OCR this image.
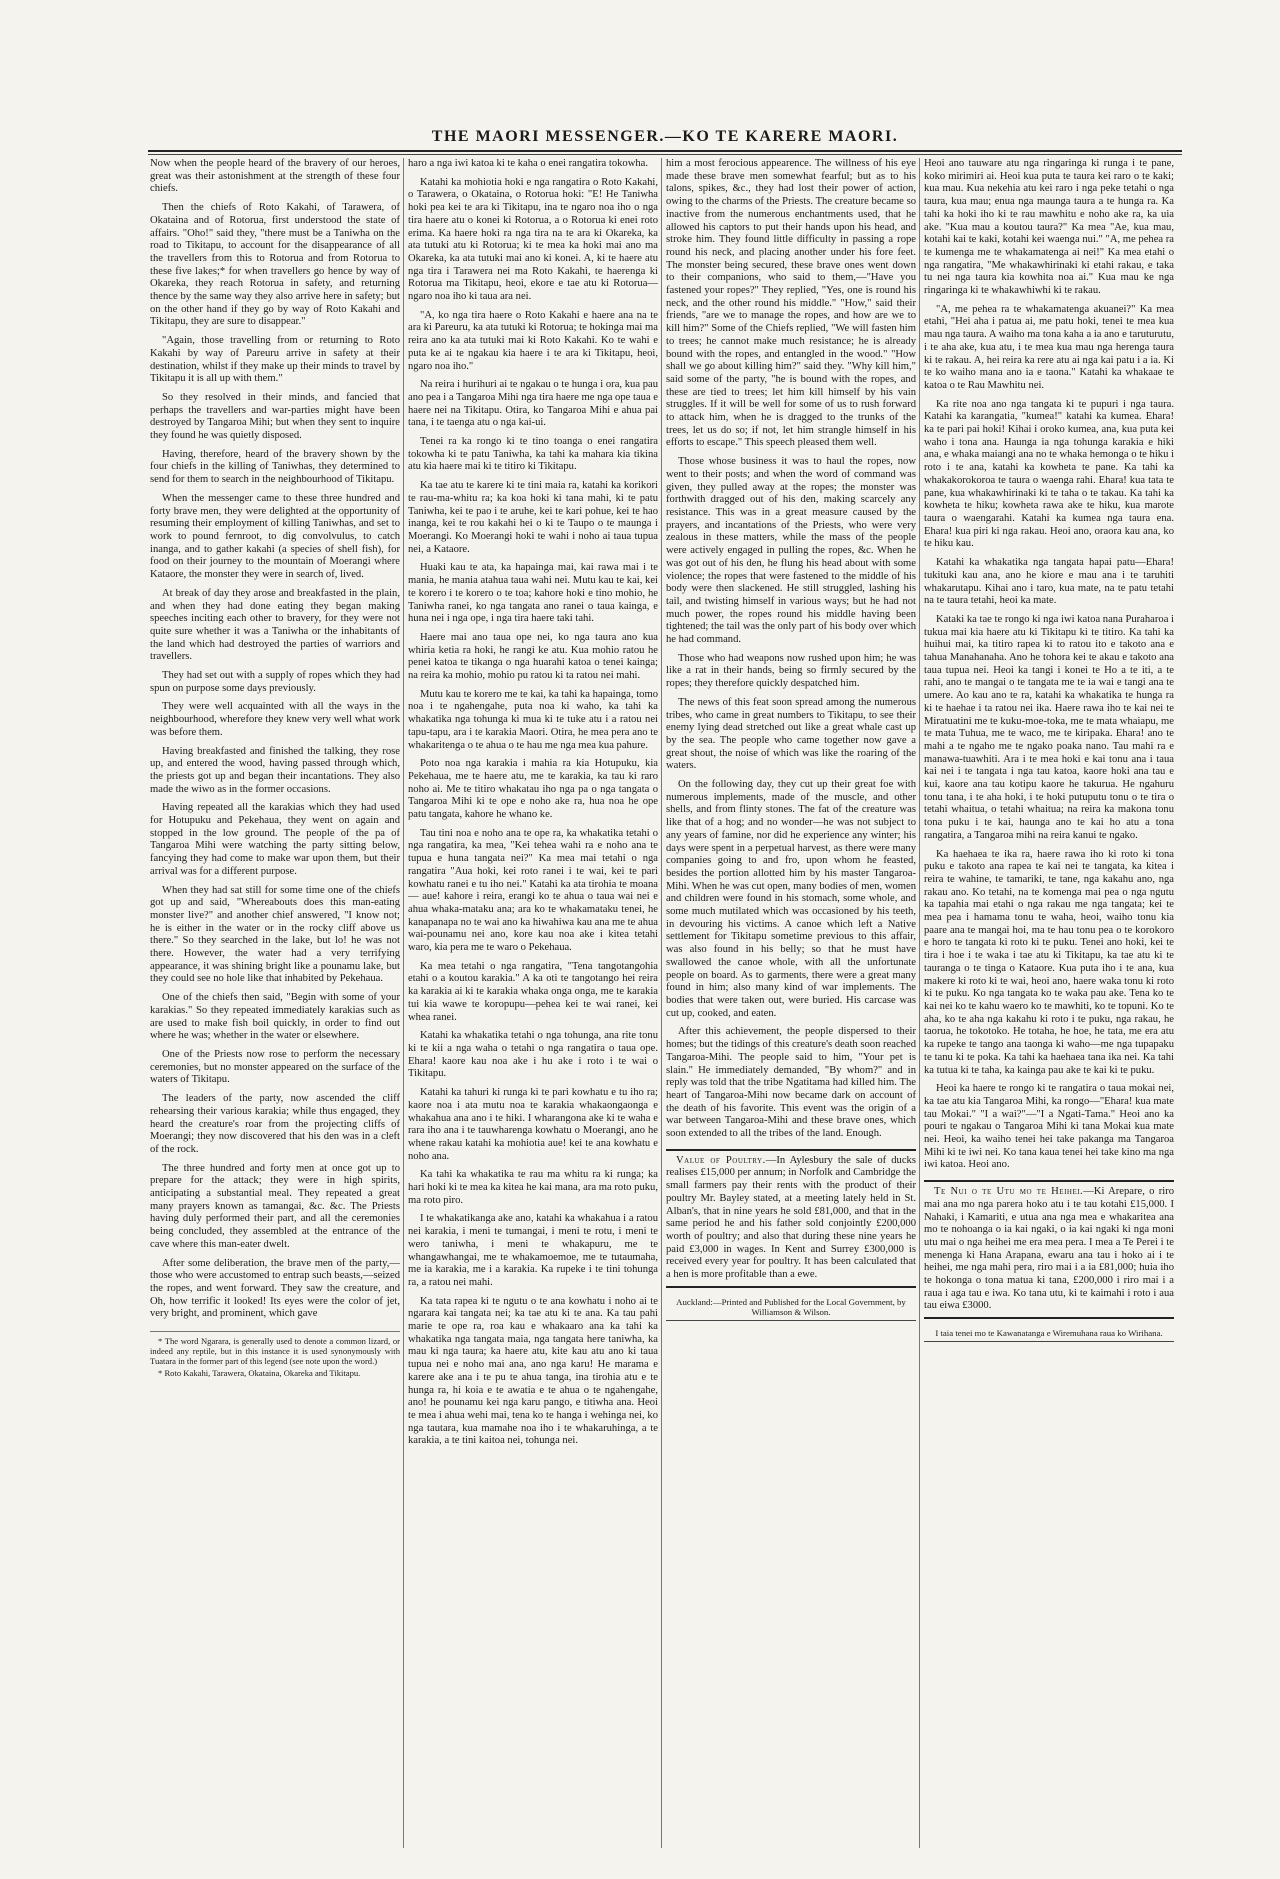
THE MAORI MESSENGER.—KO TE KARERE MAORI.

Now when the people heard of the bravery of our heroes, great was their astonishment at the strength of these four chiefs.

Then the chiefs of Roto Kakahi, of Tarawera, of Okataina and of Rotorua, first understood the state of affairs. "Oho!" said they, "there must be a Taniwha on the road to Tikitapu, to account for the disappearance of all the travellers from this to Rotorua and from Rotorua to these five lakes;* for when travellers go hence by way of Okareka, they reach Rotorua in safety, and returning thence by the same way they also arrive here in safety; but on the other hand if they go by way of Roto Kakahi and Tikitapu, they are sure to disappear."

"Again, those travelling from or returning to Roto Kakahi by way of Pareuru arrive in safety at their destination, whilst if they make up their minds to travel by Tikitapu it is all up with them."

So they resolved in their minds, and fancied that perhaps the travellers and war-parties might have been destroyed by Tangaroa Mihi; but when they sent to inquire they found he was quietly disposed.

Having, therefore, heard of the bravery shown by the four chiefs in the killing of Taniwhas, they determined to send for them to search in the neighbourhood of Tikitapu.

When the messenger came to these three hundred and forty brave men, they were delighted at the opportunity of resuming their employment of killing Taniwhas, and set to work to pound fernroot, to dig convolvulus, to catch inanga, and to gather kakahi (a species of shell fish), for food on their journey to the mountain of Moerangi where Kataore, the monster they were in search of, lived.

At break of day they arose and breakfasted in the plain, and when they had done eating they began making speeches inciting each other to bravery, for they were not quite sure whether it was a Taniwha or the inhabitants of the land which had destroyed the parties of warriors and travellers.

They had set out with a supply of ropes which they had spun on purpose some days previously.

They were well acquainted with all the ways in the neighbourhood, wherefore they knew very well what work was before them.

Having breakfasted and finished the talking, they rose up, and entered the wood, having passed through which, the priests got up and began their incantations. They also made the wiwo as in the former occasions.

Having repeated all the karakias which they had used for Hotupuku and Pekehaua, they went on again and stopped in the low ground. The people of the pa of Tangaroa Mihi were watching the party sitting below, fancying they had come to make war upon them, but their arrival was for a different purpose.

When they had sat still for some time one of the chiefs got up and said, "Whereabouts does this man-eating monster live?" and another chief answered, "I know not; he is either in the water or in the rocky cliff above us there." So they searched in the lake, but lo! he was not there. However, the water had a very terrifying appearance, it was shining bright like a pounamu lake, but they could see no hole like that inhabited by Pekehaua.

One of the chiefs then said, "Begin with some of your karakias." So they repeated immediately karakias such as are used to make fish boil quickly, in order to find out where he was; whether in the water or elsewhere.

One of the Priests now rose to perform the necessary ceremonies, but no monster appeared on the surface of the waters of Tikitapu.

The leaders of the party, now ascended the cliff rehearsing their various karakia; while thus engaged, they heard the creature's roar from the projecting cliffs of Moerangi; they now discovered that his den was in a cleft of the rock.

The three hundred and forty men at once got up to prepare for the attack; they were in high spirits, anticipating a substantial meal. They repeated a great many prayers known as tamangai, &c. &c. The Priests having duly performed their part, and all the ceremonies being concluded, they assembled at the entrance of the cave where this man-eater dwelt.

After some deliberation, the brave men of the party,—those who were accustomed to entrap such beasts,—seized the ropes, and went forward. They saw the creature, and Oh, how terrific it looked! Its eyes were the color of jet, very bright, and prominent, which gave

* The word Ngarara, is generally used to denote a common lizard, or indeed any reptile, but in this instance it is used synonymously with Tuatara in the former part of this legend (see note upon the word.)

* Roto Kakahi, Tarawera, Okataina, Okareka and Tikitapu.

haro a nga iwi katoa ki te kaha o enei rangatira tokowha.

Katahi ka mohiotia hoki e nga rangatira o Roto Kakahi, o Tarawera, o Okataina, o Rotorua hoki: "E! He Taniwha hoki pea kei te ara ki Tikitapu, ina te ngaro noa iho o nga tira haere atu o konei ki Rotorua, a o Rotorua ki enei roto erima. Ka haere hoki ra nga tira na te ara ki Okareka, ka ata tutuki atu ki Rotorua; ki te mea ka hoki mai ano ma Okareka, ka ata tutuki mai ano ki konei. A, ki te haere atu nga tira i Tarawera nei ma Roto Kakahi, te haerenga ki Rotorua ma Tikitapu, heoi, ekore e tae atu ki Rotorua—ngaro noa iho ki taua ara nei.

"A, ko nga tira haere o Roto Kakahi e haere ana na te ara ki Pareuru, ka ata tutuki ki Rotorua; te hokinga mai ma reira ano ka ata tutuki mai ki Roto Kakahi. Ko te wahi e puta ke ai te ngakau kia haere i te ara ki Tikitapu, heoi, ngaro noa iho."

Na reira i hurihuri ai te ngakau o te hunga i ora, kua pau ano pea i a Tangaroa Mihi nga tira haere me nga ope taua e haere nei na Tikitapu. Otira, ko Tangaroa Mihi e ahua pai tana, i te taenga atu o nga kai-ui.

Tenei ra ka rongo ki te tino toanga o enei rangatira tokowha ki te patu Taniwha, ka tahi ka mahara kia tikina atu kia haere mai ki te titiro ki Tikitapu.

Ka tae atu te karere ki te tini maia ra, katahi ka korikori te rau-ma-whitu ra; ka koa hoki ki tana mahi, ki te patu Taniwha, kei te pao i te aruhe, kei te kari pohue, kei te hao inanga, kei te rou kakahi hei o ki te Taupo o te maunga i Moerangi. Ko Moerangi hoki te wahi i noho ai taua tupua nei, a Kataore.

Huaki kau te ata, ka hapainga mai, kai rawa mai i te mania, he mania atahua taua wahi nei. Mutu kau te kai, kei te korero i te korero o te toa; kahore hoki e tino mohio, he Taniwha ranei, ko nga tangata ano ranei o taua kainga, e huna nei i nga ope, i nga tira haere taki tahi.

Haere mai ano taua ope nei, ko nga taura ano kua whiria ketia ra hoki, he rangi ke atu. Kua mohio ratou he penei katoa te tikanga o nga huarahi katoa o tenei kainga; na reira ka mohio, mohio pu ratou ki ta ratou nei mahi.

Mutu kau te korero me te kai, ka tahi ka hapainga, tomo noa i te ngahengahe, puta noa ki waho, ka tahi ka whakatika nga tohunga ki mua ki te tuke atu i a ratou nei tapu-tapu, ara i te karakia Maori. Otira, he mea pera ano te whakaritenga o te ahua o te hau me nga mea kua pahure.

Poto noa nga karakia i mahia ra kia Hotupuku, kia Pekehaua, me te haere atu, me te karakia, ka tau ki raro noho ai. Me te titiro whakatau iho nga pa o nga tangata o Tangaroa Mihi ki te ope e noho ake ra, hua noa he ope patu tangata, kahore he whano ke.

Tau tini noa e noho ana te ope ra, ka whakatika tetahi o nga rangatira, ka mea, "Kei tehea wahi ra e noho ana te tupua e huna tangata nei?" Ka mea mai tetahi o nga rangatira "Aua hoki, kei roto ranei i te wai, kei te pari kowhatu ranei e tu iho nei." Katahi ka ata tirohia te moana — aue! kahore i reira, erangi ko te ahua o taua wai nei e ahua whaka-mataku ana; ara ko te whakamataku tenei, he kanapanapa no te wai ano ka hiwahiwa kau ana me te ahua wai-pounamu nei ano, kore kau noa ake i kitea tetahi waro, kia pera me te waro o Pekehaua.

Ka mea tetahi o nga rangatira, "Tena tangotangohia etahi o a koutou karakia." A ka oti te tangotango hei reira ka karakia ai ki te karakia whaka onga onga, me te karakia tui kia wawe te koropupu—pehea kei te wai ranei, kei whea ranei.

Katahi ka whakatika tetahi o nga tohunga, ana rite tonu ki te kii a nga waha o tetahi o nga rangatira o taua ope. Ehara! kaore kau noa ake i hu ake i roto i te wai o Tikitapu.

Katahi ka tahuri ki runga ki te pari kowhatu e tu iho ra; kaore noa i ata mutu noa te karakia whakaongaonga e whakahua ana ano i te hiki. I wharangona ake ki te waha e rara iho ana i te tauwharenga kowhatu o Moerangi, ano he whene rakau katahi ka mohiotia aue! kei te ana kowhatu e noho ana.

Ka tahi ka whakatika te rau ma whitu ra ki runga; ka hari hoki ki te mea ka kitea he kai mana, ara ma roto puku, ma roto piro.

I te whakatikanga ake ano, katahi ka whakahua i a ratou nei karakia, i meni te tumangai, i meni te rotu, i meni te wero taniwha, i meni te whakapuru, me te whangawhangai, me te whakamoemoe, me te tutaumaha, me ia karakia, me i a karakia. Ka rupeke i te tini tohunga ra, a ratou nei mahi.

Ka tata rapea ki te ngutu o te ana kowhatu i noho ai te ngarara kai tangata nei; ka tae atu ki te ana. Ka tau pahi marie te ope ra, roa kau e whakaaro ana ka tahi ka whakatika nga tangata maia, nga tangata here taniwha, ka mau ki nga taura; ka haere atu, kite kau atu ano ki taua tupua nei e noho mai ana, ano nga karu! He marama e karere ake ana i te pu te ahua tanga, ina tirohia atu e te hunga ra, hi koia e te awatia e te ahua o te ngahengahe, ano! he pounamu kei nga karu pango, e titiwha ana. Heoi te mea i ahua wehi mai, tena ko te hanga i wehinga nei, ko nga tautara, kua mamahe noa iho i te whakaruhinga, a te karakia, a te tini kaitoa nei, tohunga nei.

him a most ferocious appearence. The willness of his eye made these brave men somewhat fearful; but as to his talons, spikes, &c., they had lost their power of action, owing to the charms of the Priests. The creature became so inactive from the numerous enchantments used, that he allowed his captors to put their hands upon his head, and stroke him. They found little difficulty in passing a rope round his neck, and placing another under his fore feet. The monster being secured, these brave ones went down to their companions, who said to them,—"Have you fastened your ropes?" They replied, "Yes, one is round his neck, and the other round his middle." "How," said their friends, "are we to manage the ropes, and how are we to kill him?" Some of the Chiefs replied, "We will fasten him to trees; he cannot make much resistance; he is already bound with the ropes, and entangled in the wood." "How shall we go about killing him?" said they. "Why kill him," said some of the party, "he is bound with the ropes, and these are tied to trees; let him kill himself by his vain struggles. If it will be well for some of us to rush forward to attack him, when he is dragged to the trunks of the trees, let us do so; if not, let him strangle himself in his efforts to escape." This speech pleased them well.

Those whose business it was to haul the ropes, now went to their posts; and when the word of command was given, they pulled away at the ropes; the monster was forthwith dragged out of his den, making scarcely any resistance. This was in a great measure caused by the prayers, and incantations of the Priests, who were very zealous in these matters, while the mass of the people were actively engaged in pulling the ropes, &c. When he was got out of his den, he flung his head about with some violence; the ropes that were fastened to the middle of his body were then slackened. He still struggled, lashing his tail, and twisting himself in various ways; but he had not much power, the ropes round his middle having been tightened; the tail was the only part of his body over which he had command.

Those who had weapons now rushed upon him; he was like a rat in their hands, being so firmly secured by the ropes; they therefore quickly despatched him.

The news of this feat soon spread among the numerous tribes, who came in great numbers to Tikitapu, to see their enemy lying dead stretched out like a great whale cast up by the sea. The people who came together now gave a great shout, the noise of which was like the roaring of the waters.

On the following day, they cut up their great foe with numerous implements, made of the muscle, and other shells, and from flinty stones. The fat of the creature was like that of a hog; and no wonder—he was not subject to any years of famine, nor did he experience any winter; his days were spent in a perpetual harvest, as there were many companies going to and fro, upon whom he feasted, besides the portion allotted him by his master Tangaroa-Mihi. When he was cut open, many bodies of men, women and children were found in his stomach, some whole, and some much mutilated which was occasioned by his teeth, in devouring his victims. A canoe which left a Native settlement for Tikitapu sometime previous to this affair, was also found in his belly; so that he must have swallowed the canoe whole, with all the unfortunate people on board. As to garments, there were a great many found in him; also many kind of war implements. The bodies that were taken out, were buried. His carcase was cut up, cooked, and eaten.

After this achievement, the people dispersed to their homes; but the tidings of this creature's death soon reached Tangaroa-Mihi. The people said to him, "Your pet is slain." He immediately demanded, "By whom?" and in reply was told that the tribe Ngatitama had killed him. The heart of Tangaroa-Mihi now became dark on account of the death of his favorite. This event was the origin of a war between Tangaroa-Mihi and these brave ones, which soon extended to all the tribes of the land. Enough.

Value of Poultry.—In Aylesbury the sale of ducks realises £15,000 per annum; in Norfolk and Cambridge the small farmers pay their rents with the product of their poultry Mr. Bayley stated, at a meeting lately held in St. Alban's, that in nine years he sold £81,000, and that in the same period he and his father sold conjointly £200,000 worth of poultry; and also that during these nine years he paid £3,000 in wages. In Kent and Surrey £300,000 is received every year for poultry. It has been calculated that a hen is more profitable than a ewe.

Auckland:—Printed and Published for the Local Government, by Williamson & Wilson.

Heoi ano tauware atu nga ringaringa ki runga i te pane, koko mirimiri ai. Heoi kua puta te taura kei raro o te kaki; kua mau. Kua nekehia atu kei raro i nga peke tetahi o nga taura, kua mau; enua nga maunga taura a te hunga ra. Ka tahi ka hoki iho ki te rau mawhitu e noho ake ra, ka uia ake. "Kua mau a koutou taura?" Ka mea "Ae, kua mau, kotahi kai te kaki, kotahi kei waenga nui." "A, me pehea ra te kumenga me te whakamatenga ai nei!" Ka mea etahi o nga rangatira, "Me whakawhirinaki ki etahi rakau, e taka tu nei nga taura kia kowhita noa ai." Kua mau ke nga ringaringa ki te whakawhiwhi ki te rakau.

"A, me pehea ra te whakamatenga akuanei?" Ka mea etahi, "Hei aha i patua ai, me patu hoki, tenei te mea kua mau nga taura. A waiho ma tona kaha a ia ano e taruturutu, i te aha ake, kua atu, i te mea kua mau nga herenga taura ki te rakau. A, hei reira ka rere atu ai nga kai patu i a ia. Ki te ko waiho mana ano ia e taona." Katahi ka whakaae te katoa o te Rau Mawhitu nei.

Ka rite noa ano nga tangata ki te pupuri i nga taura. Katahi ka karangatia, "kumea!" katahi ka kumea. Ehara! ka te pari pai hoki! Kihai i oroko kumea, ana, kua puta kei waho i tona ana. Haunga ia nga tohunga karakia e hiki ana, e whaka maiangi ana no te whaka hemonga o te hiku i roto i te ana, katahi ka kowheta te pane. Ka tahi ka whakakorokoroa te taura o waenga rahi. Ehara! kua tata te pane, kua whakawhirinaki ki te taha o te takau. Ka tahi ka kowheta te hiku; kowheta rawa ake te hiku, kua marote taura o waengarahi. Katahi ka kumea nga taura ena. Ehara! kua piri ki nga rakau. Heoi ano, oraora kau ana, ko te hiku kau.

Katahi ka whakatika nga tangata hapai patu—Ehara! tukituki kau ana, ano he kiore e mau ana i te taruhiti whakarutapu. Kihai ano i taro, kua mate, na te patu tetahi na te taura tetahi, heoi ka mate.

Kataki ka tae te rongo ki nga iwi katoa nana Puraharoa i tukua mai kia haere atu ki Tikitapu ki te titiro. Ka tahi ka huihui mai, ka titiro rapea ki to ratou ito e takoto ana e tahua Manahanaha. Ano he tohora kei te akau e takoto ana taua tupua nei. Heoi ka tangi i konei te Ho a te iti, a te rahi, ano te mangai o te tangata me te ia wai e tangi ana te umere. Ao kau ano te ra, katahi ka whakatika te hunga ra ki te haehae i ta ratou nei ika. Haere rawa iho te kai nei te Miratuatini me te kuku-moe-toka, me te mata whaiapu, me te mata Tuhua, me te waco, me te kiripaka. Ehara! ano te mahi a te ngaho me te ngako poaka nano. Tau mahi ra e manawa-tuawhiti. Ara i te mea hoki e kai tonu ana i taua kai nei i te tangata i nga tau katoa, kaore hoki ana tau e kui, kaore ana tau kotipu kaore he takurua. He ngahuru tonu tana, i te aha hoki, i te hoki putuputu tonu o te tira o tetahi whaitua, o tetahi whaitua; na reira ka makona tonu tona puku i te kai, haunga ano te kai ho atu a tona rangatira, a Tangaroa mihi na reira kanui te ngako.

Ka haehaea te ika ra, haere rawa iho ki roto ki tona puku e takoto ana rapea te kai nei te tangata, ka kitea i reira te wahine, te tamariki, te tane, nga kakahu ano, nga rakau ano. Ko tetahi, na te komenga mai pea o nga ngutu ka tapahia mai etahi o nga rakau me nga tangata; kei te mea pea i hamama tonu te waha, heoi, waiho tonu kia paare ana te mangai hoi, ma te hau tonu pea o te korokoro e horo te tangata ki roto ki te puku. Tenei ano hoki, kei te tira i hoe i te waka i tae atu ki Tikitapu, ka tae atu ki te tauranga o te tinga o Kataore. Kua puta iho i te ana, kua makere ki roto ki te wai, heoi ano, haere waka tonu ki roto ki te puku. Ko nga tangata ko te waka pau ake. Tena ko te kai nei ko te kahu waero ko te mawhiti, ko te topuni. Ko te aha, ko te aha nga kakahu ki roto i te puku, nga rakau, he taorua, he tokotoko. He totaha, he hoe, he tata, me era atu ka rupeke te tango ana taonga ki waho—me nga tupapaku te tanu ki te poka. Ka tahi ka haehaea tana ika nei. Ka tahi ka tutua ki te taha, ka kainga pau ake te kai ki te puku.

Heoi ka haere te rongo ki te rangatira o taua mokai nei, ka tae atu kia Tangaroa Mihi, ka rongo—"Ehara! kua mate tau Mokai." "I a wai?"—"I a Ngati-Tama." Heoi ano ka pouri te ngakau o Tangaroa Mihi ki tana Mokai kua mate nei. Heoi, ka waiho tenei hei take pakanga ma Tangaroa Mihi ki te iwi nei. Ko tana kaua tenei hei take kino ma nga iwi katoa. Heoi ano.

Te Nui o te Utu mo te Heihei.—Ki Arepare, o riro mai ana mo nga parera hoko atu i te tau kotahi £15,000. I Nahaki, i Kamariti, e utua ana nga mea e whakaritea ana mo te nohoanga o ia kai ngaki, o ia kai ngaki ki nga moni utu mai o nga heihei me era mea pera. I mea a Te Perei i te menenga ki Hana Arapana, ewaru ana tau i hoko ai i te heihei, me nga mahi pera, riro mai i a ia £81,000; huia iho te hokonga o tona matua ki tana, £200,000 i riro mai i a raua i aga tau e iwa. Ko tana utu, ki te kaimahi i roto i aua tau eiwa £3000.

I taia tenei mo te Kawanatanga e Wiremuhana raua ko Wirihana.
